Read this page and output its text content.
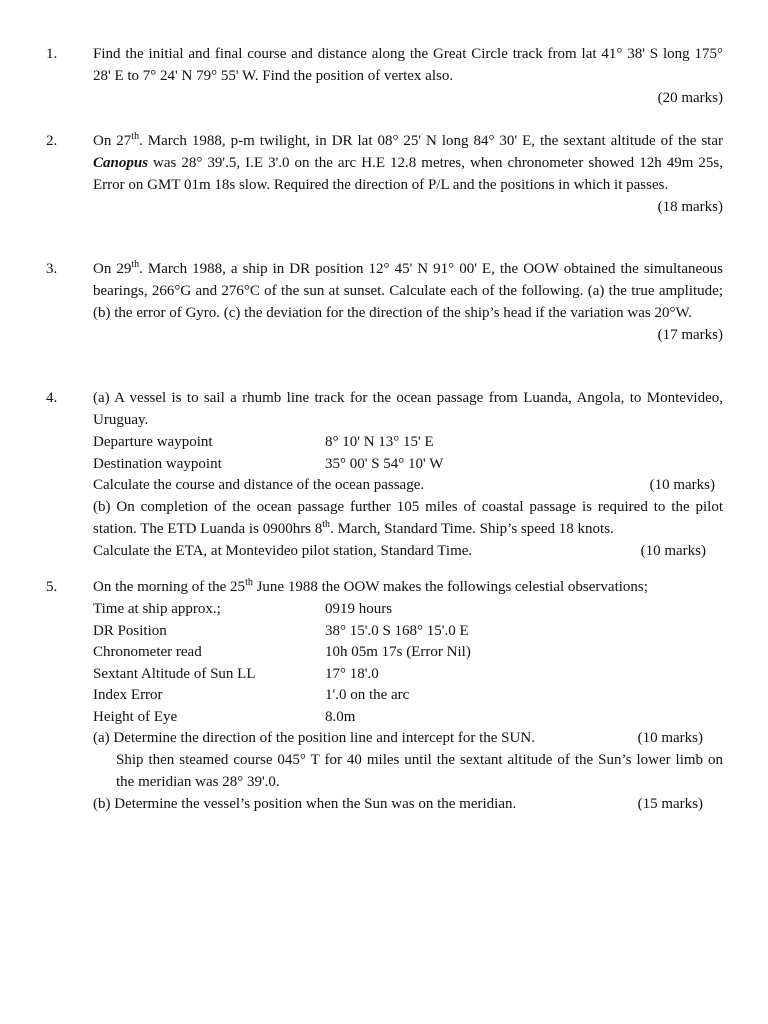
1. Find the initial and final course and distance along the Great Circle track from lat 41° 38' S long 175° 28' E to 7° 24' N 79° 55' W. Find the position of vertex also.

(20 marks)
2. On 27th. March 1988, p-m twilight, in DR lat 08° 25' N long 84° 30' E, the sextant altitude of the star Canopus was 28° 39'.5, I.E 3'.0 on the arc H.E 12.8 metres, when chronometer showed 12h 49m 25s, Error on GMT 01m 18s slow. Required the direction of P/L and the positions in which it passes.

(18 marks)
3. On 29th. March 1988, a ship in DR position 12° 45' N 91° 00' E, the OOW obtained the simultaneous bearings, 266°G and 276°C of the sun at sunset. Calculate each of the following. (a) the true amplitude; (b) the error of Gyro. (c) the deviation for the direction of the ship’s head if the variation was 20°W.

(17 marks)
4. (a) A vessel is to sail a rhumb line track for the ocean passage from Luanda, Angola, to Montevideo, Uruguay.

Departure waypoint	8° 10' N 13° 15' E
Destination waypoint	35° 00' S 54° 10' W
Calculate the course and distance of the ocean passage.	(10 marks)

(b) On completion of the ocean passage further 105 miles of coastal passage is required to the pilot station. The ETD Luanda is 0900hrs 8th. March, Standard Time. Ship’s speed 18 knots.

Calculate the ETA, at Montevideo pilot station, Standard Time.	(10 marks)
5. On the morning of the 25th June 1988 the OOW makes the followings celestial observations;

Time at ship approx.;	0919 hours
DR Position	38° 15'.0 S 168° 15'.0 E
Chronometer read	10h 05m 17s (Error Nil)
Sextant Altitude of Sun LL	17° 18'.0
Index Error	1'.0 on the arc
Height of Eye	8.0m
(a) Determine the direction of the position line and intercept for the SUN.	(10 marks)

Ship then steamed course 045° T for 40 miles until the sextant altitude of the Sun’s lower limb on the meridian was 28° 39'.0.

(b) Determine the vessel’s position when the Sun was on the meridian.	(15 marks)
